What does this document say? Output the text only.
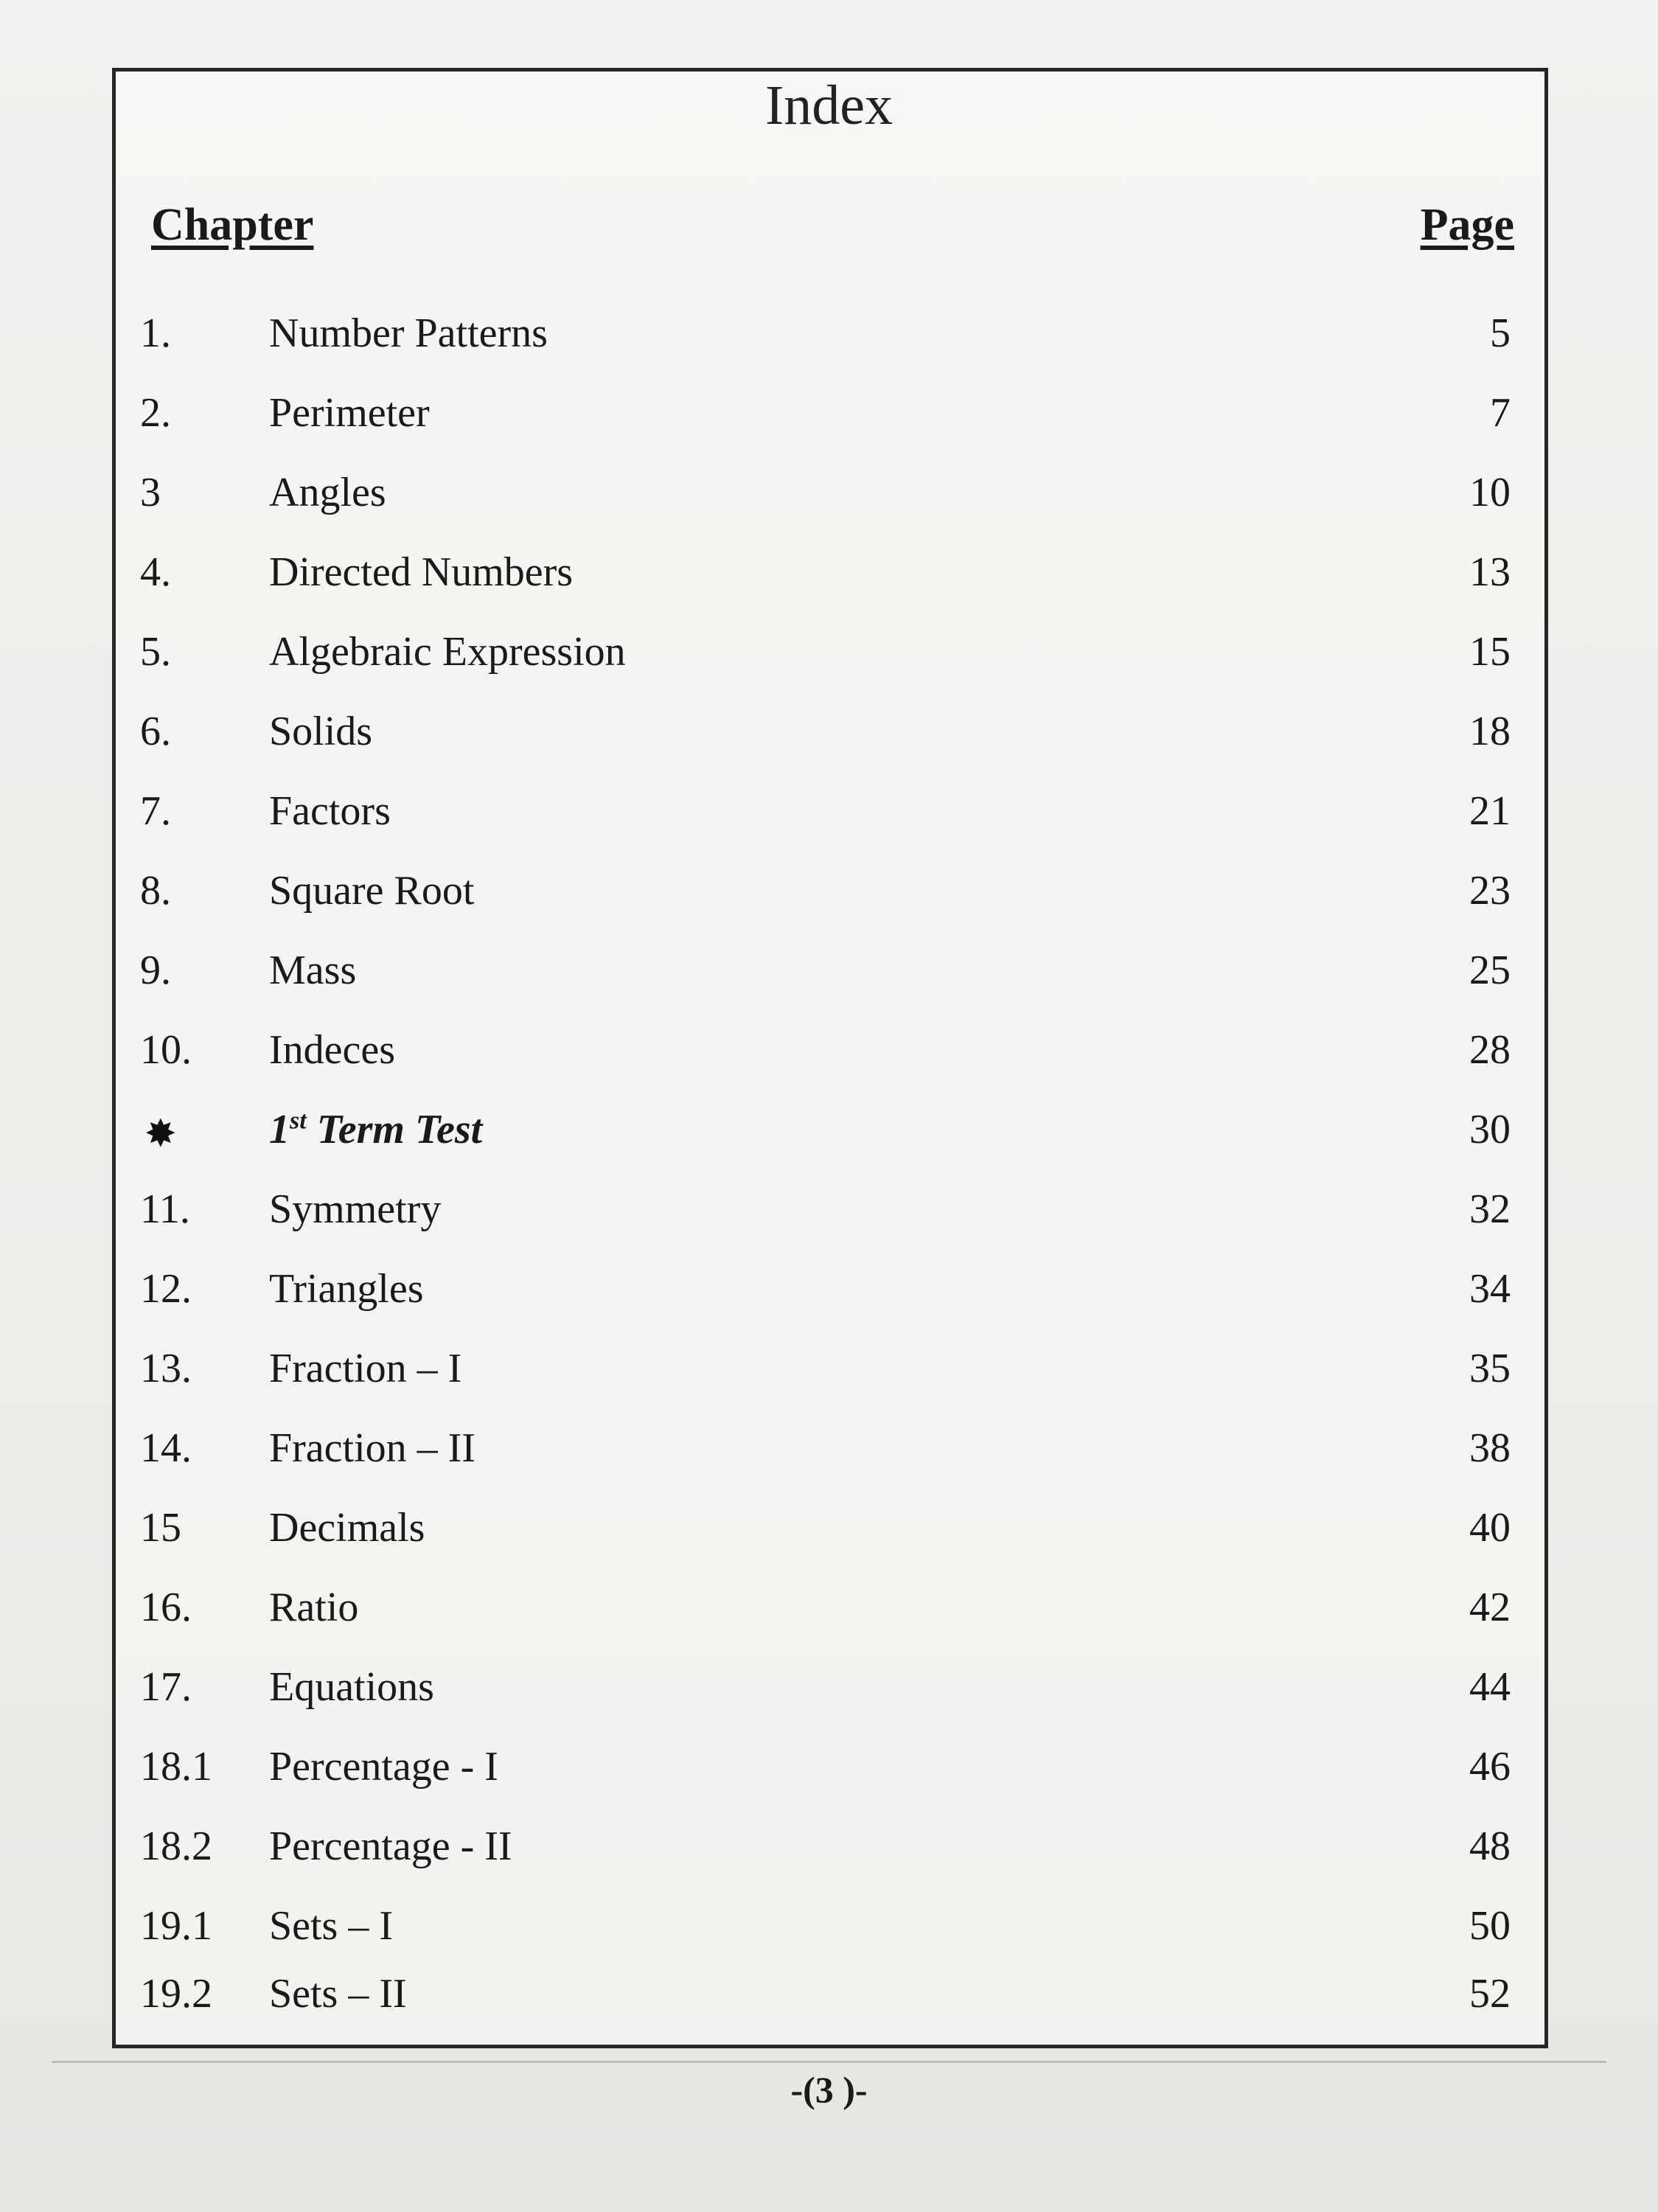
Index
Chapter	Page
1. Number Patterns	5
2. Perimeter	7
3	Angles	10
4. Directed Numbers	13
5. Algebraic Expression	15
6. Solids	18
7. Factors	21
8. Square Root	23
9. Mass	25
10. Indeces	28
✸ 1st Term Test	30
11. Symmetry	32
12. Triangles	34
13. Fraction – I	35
14. Fraction – II	38
15 Decimals	40
16. Ratio	42
17. Equations	44
18.1 Percentage - I	46
18.2 Percentage - II	48
19.1 Sets – I	50
19.2 Sets – II	52
-(3 )-
